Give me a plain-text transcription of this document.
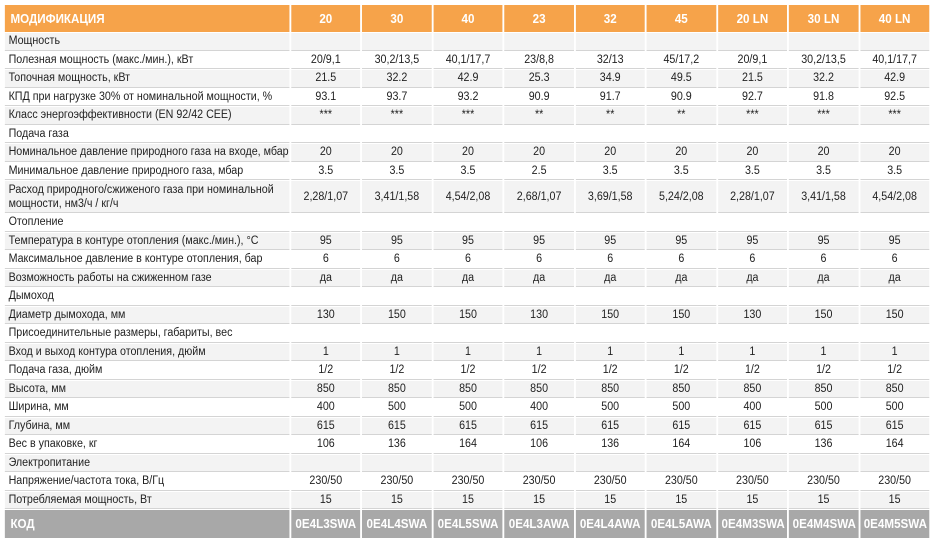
МОДИФИКАЦИЯ	20	30	40	23	32	45	20 LN	30 LN	40 LN
Мощность									
Полезная мощность (макс./мин.), кВт	20/9,1	30,2/13,5	40,1/17,7	23/8,8	32/13	45/17,2	20/9,1	30,2/13,5	40,1/17,7
Топочная мощность, кВт	21.5	32.2	42.9	25.3	34.9	49.5	21.5	32.2	42.9
КПД при нагрузке 30% от номинальной мощности, %	93.1	93.7	93.2	90.9	91.7	90.9	92.7	91.8	92.5
Класс энергоэффективности (EN 92/42 CEE)	***	***	***	**	**	**	***	***	***
Подача газа									
Номинальное давление природного газа на входе, мбар	20	20	20	20	20	20	20	20	20
Минимальное давление природного газа, мбар	3.5	3.5	3.5	2.5	3.5	3.5	3.5	3.5	3.5
Расход природного/сжиженого газа при номинальной мощности, нм3/ч / кг/ч	2,28/1,07	3,41/1,58	4,54/2,08	2,68/1,07	3,69/1,58	5,24/2,08	2,28/1,07	3,41/1,58	4,54/2,08
Отопление									
Температура в контуре отопления (макс./мин.), °С	95	95	95	95	95	95	95	95	95
Максимальное давление в контуре отопления, бар	6	6	6	6	6	6	6	6	6
Возможность работы на сжиженном газе	да	да	да	да	да	да	да	да	да
Дымоход									
Диаметр дымохода, мм	130	150	150	130	150	150	130	150	150
Присоединительные размеры, габариты, вес									
Вход и выход контура отопления, дюйм	1	1	1	1	1	1	1	1	1
Подача газа, дюйм	1/2	1/2	1/2	1/2	1/2	1/2	1/2	1/2	1/2
Высота, мм	850	850	850	850	850	850	850	850	850
Ширина, мм	400	500	500	400	500	500	400	500	500
Глубина, мм	615	615	615	615	615	615	615	615	615
Вес в упаковке, кг	106	136	164	106	136	164	106	136	164
Электропитание									
Напряжение/частота тока, В/Гц	230/50	230/50	230/50	230/50	230/50	230/50	230/50	230/50	230/50
Потребляемая мощность, Вт	15	15	15	15	15	15	15	15	15
КОД	0E4L3SWA	0E4L4SWA	0E4L5SWA	0E4L3AWA	0E4L4AWA	0E4L5AWA	0E4M3SWA	0E4M4SWA	0E4M5SWA
